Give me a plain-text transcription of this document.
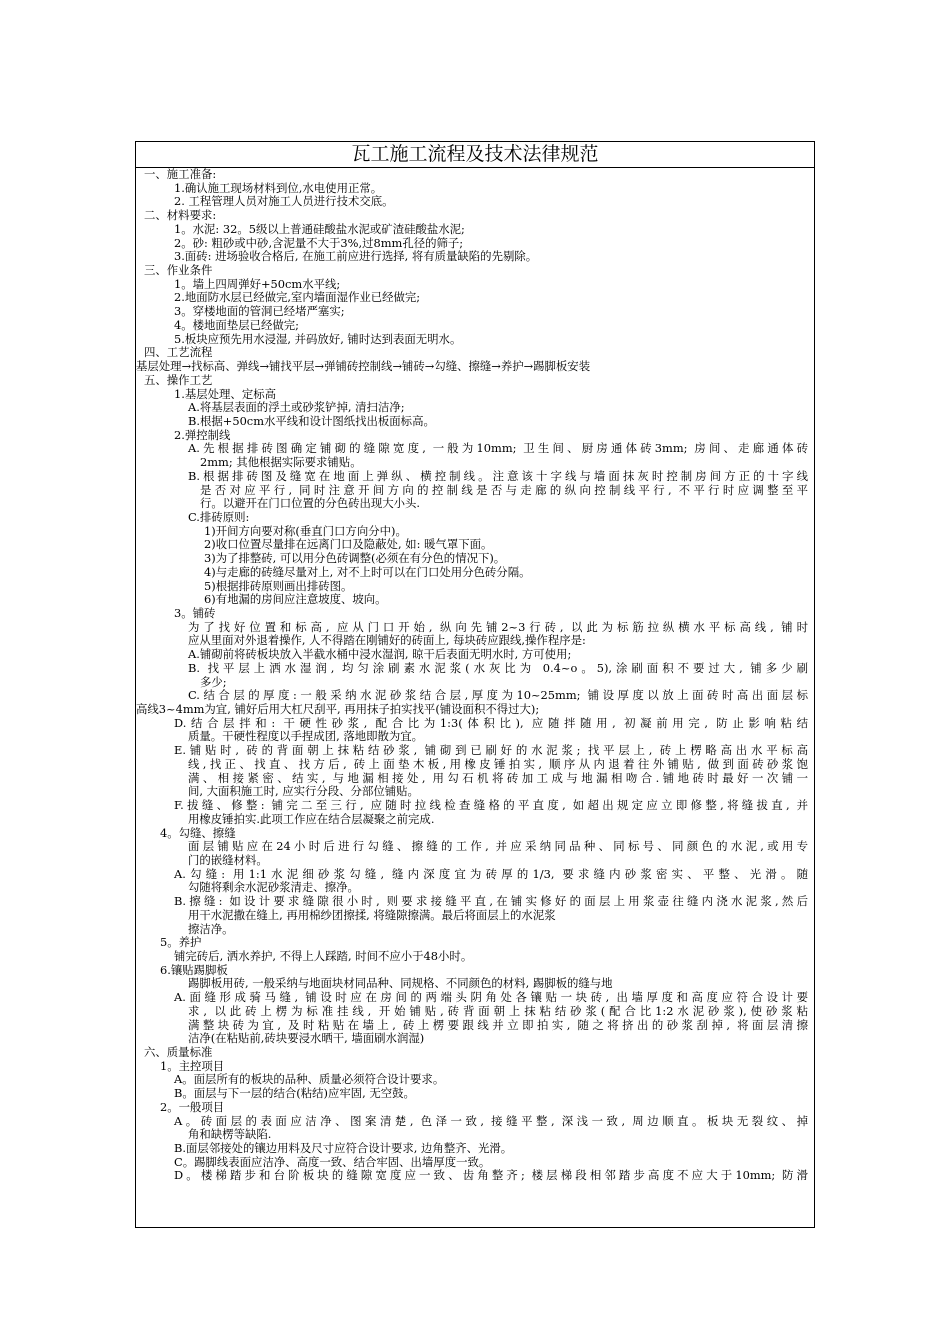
瓦工施工流程及技术法律规范
一、施工准备:
1.确认施工现场材料到位,水电使用正常。
2. 工程管理人员对施工人员进行技术交底。
二、材料要求:
1。水泥: 32。5级以上普通硅酸盐水泥或矿渣硅酸盐水泥;
2。砂: 粗砂或中砂,含泥量不大于3%,过8mm孔径的筛子;
3.面砖: 进场验收合格后, 在施工前应进行选择, 将有质量缺陷的先剔除。
三、作业条件
1。墙上四周弹好+50cm水平线;
2.地面防水层已经做完,室内墙面湿作业已经做完;
3。穿楼地面的管洞已经堵严塞实;
4。楼地面垫层已经做完;
5.板块应预先用水浸湿, 并码放好, 铺时达到表面无明水。
四、工艺流程
基层处理→找标高、弹线→铺找平层→弹铺砖控制线→铺砖→勾缝、擦缝→养护→踢脚板安装
五、操作工艺
1.基层处理、定标高
A.将基层表面的浮土或砂浆铲掉, 清扫洁净;
B.根据+50cm水平线和设计图纸找出板面标高。
2.弹控制线
A.先根据排砖图确定铺砌的缝隙宽度, 一般为10mm; 卫生间、厨房通体砖3mm; 房间、走廊通体砖
2mm; 其他根据实际要求铺贴。
B.根据排砖图及缝宽在地面上弹纵、横控制线。注意该十字线与墙面抹灰时控制房间方正的十字线
是否对应平行, 同时注意开间方向的控制线是否与走廊的纵向控制线平行, 不平行时应调整至平
行。以避开在门口位置的分色砖出现大小头.
C.排砖原则:
1)开间方向要对称(垂直门口方向分中)。
2)收口位置尽量排在远离门口及隐蔽处, 如: 暖气罩下面。
3)为了排整砖, 可以用分色砖调整(必须在有分色的情况下)。
4)与走廊的砖缝尽量对上, 对不上时可以在门口处用分色砖分隔。
5)根据排砖原则画出排砖图。
6)有地漏的房间应注意坡度、坡向。
3。铺砖
为了找好位置和标高, 应从门口开始, 纵向先铺2~3行砖, 以此为标筋拉纵横水平标高线, 铺时
应从里面对外退着操作, 人不得踏在刚铺好的砖面上, 每块砖应跟线,操作程序是:
A.铺砌前将砖板块放入半截水桶中浸水湿润, 晾干后表面无明水时, 方可使用;
B. 找平层上洒水湿润, 均匀涂刷素水泥浆(水灰比为 0.4~o。5),涂刷面积不要过大, 铺多少刷
多少;
C.结合层的厚度:一般采纳水泥砂浆结合层,厚度为10~25mm; 铺设厚度以放上面砖时高出面层标
高线3~4mm为宜, 铺好后用大杠尺刮平, 再用抹子拍实找平(铺设面积不得过大);
D.结合层拌和: 干硬性砂浆, 配合比为1:3(体积比), 应随拌随用, 初凝前用完, 防止影响粘结
质量。干硬性程度以手捏成团, 落地即散为宜。
E.铺贴时, 砖的背面朝上抹粘结砂浆, 铺砌到已刷好的水泥浆; 找平层上, 砖上楞略高出水平标高
线,找正、找直、找方后, 砖上面垫木板,用橡皮锤拍实, 顺序从内退着往外铺贴, 做到面砖砂浆饱
满、相接紧密、结实, 与地漏相接处, 用勾石机将砖加工成与地漏相吻合.铺地砖时最好一次铺一
间, 大面积施工时, 应实行分段、分部位铺贴。
F.拔缝、修整: 铺完二至三行, 应随时拉线检查缝格的平直度, 如超出规定应立即修整,将缝拔直, 并
用橡皮锤拍实.此项工作应在结合层凝聚之前完成.
4。勾缝、擦缝
面层铺贴应在24小时后进行勾缝、擦缝的工作, 并应采纳同品种、同标号、同颜色的水泥,或用专
门的嵌缝材料。
A.勾缝: 用1:1水泥细砂浆勾缝, 缝内深度宜为砖厚的1/3, 要求缝内砂浆密实、平整、光滑。随
勾随将剩余水泥砂浆清走、擦净。
B.擦缝: 如设计要求缝隙很小时, 则要求接缝平直,在铺实修好的面层上用浆壶往缝内浇水泥浆,然后
用干水泥撒在缝上, 再用棉纱团擦揉, 将缝隙擦满。最后将面层上的水泥浆
擦洁净。
5。养护
铺完砖后, 洒水养护, 不得上人踩踏, 时间不应小于48小时。
6.镶贴踢脚板
踢脚板用砖, 一般采纳与地面块材同品种、同规格、不同颜色的材料, 踢脚板的缝与地
A.面缝形成骑马缝, 铺设时应在房间的两端头阴角处各镶贴一块砖, 出墙厚度和高度应符合设计要
求, 以此砖上楞为标准挂线, 开始铺贴,砖背面朝上抹粘结砂浆(配合比1:2水泥砂浆),使砂浆粘
满整块砖为宜, 及时粘贴在墙上, 砖上楞要跟线并立即拍实, 随之将挤出的砂浆刮掉, 将面层清擦
洁净(在粘贴前,砖块要浸水晒干, 墙面刷水润湿)
六、质量标准
1。主控项目
A。面层所有的板块的品种、质量必须符合设计要求。
B。面层与下一层的结合(粘结)应牢固, 无空鼓。
2。一般项目
A。砖面层的表面应洁净、图案清楚, 色泽一致, 接缝平整, 深浅一致, 周边顺直。板块无裂纹、掉
角和缺楞等缺陷.
B.面层邻接处的镶边用料及尺寸应符合设计要求, 边角整齐、光滑。
C。踢脚线表面应洁净、高度一致、结合牢固、出墙厚度一致。
D。楼梯踏步和台阶板块的缝隙宽度应一致、齿角整齐; 楼层梯段相邻踏步高度不应大于10mm; 防滑
